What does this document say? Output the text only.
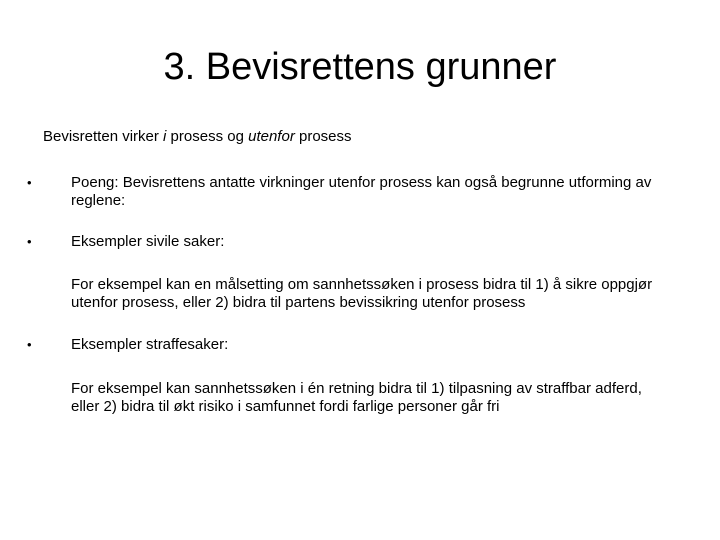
3. Bevisrettens grunner

Bevisretten virker i prosess og utenfor prosess

•	Poeng: Bevisrettens antatte virkninger utenfor prosess kan også begrunne utforming av reglene:
•	Eksempler sivile saker:

For eksempel kan en målsetting om sannhetssøken i prosess bidra til 1) å sikre oppgjør utenfor prosess, eller 2) bidra til partens bevissikring utenfor prosess

•	Eksempler straffesaker:

For eksempel kan sannhetssøken i én retning bidra til 1) tilpasning av straffbar adferd, eller 2) bidra til økt risiko i samfunnet fordi farlige personer går fri
